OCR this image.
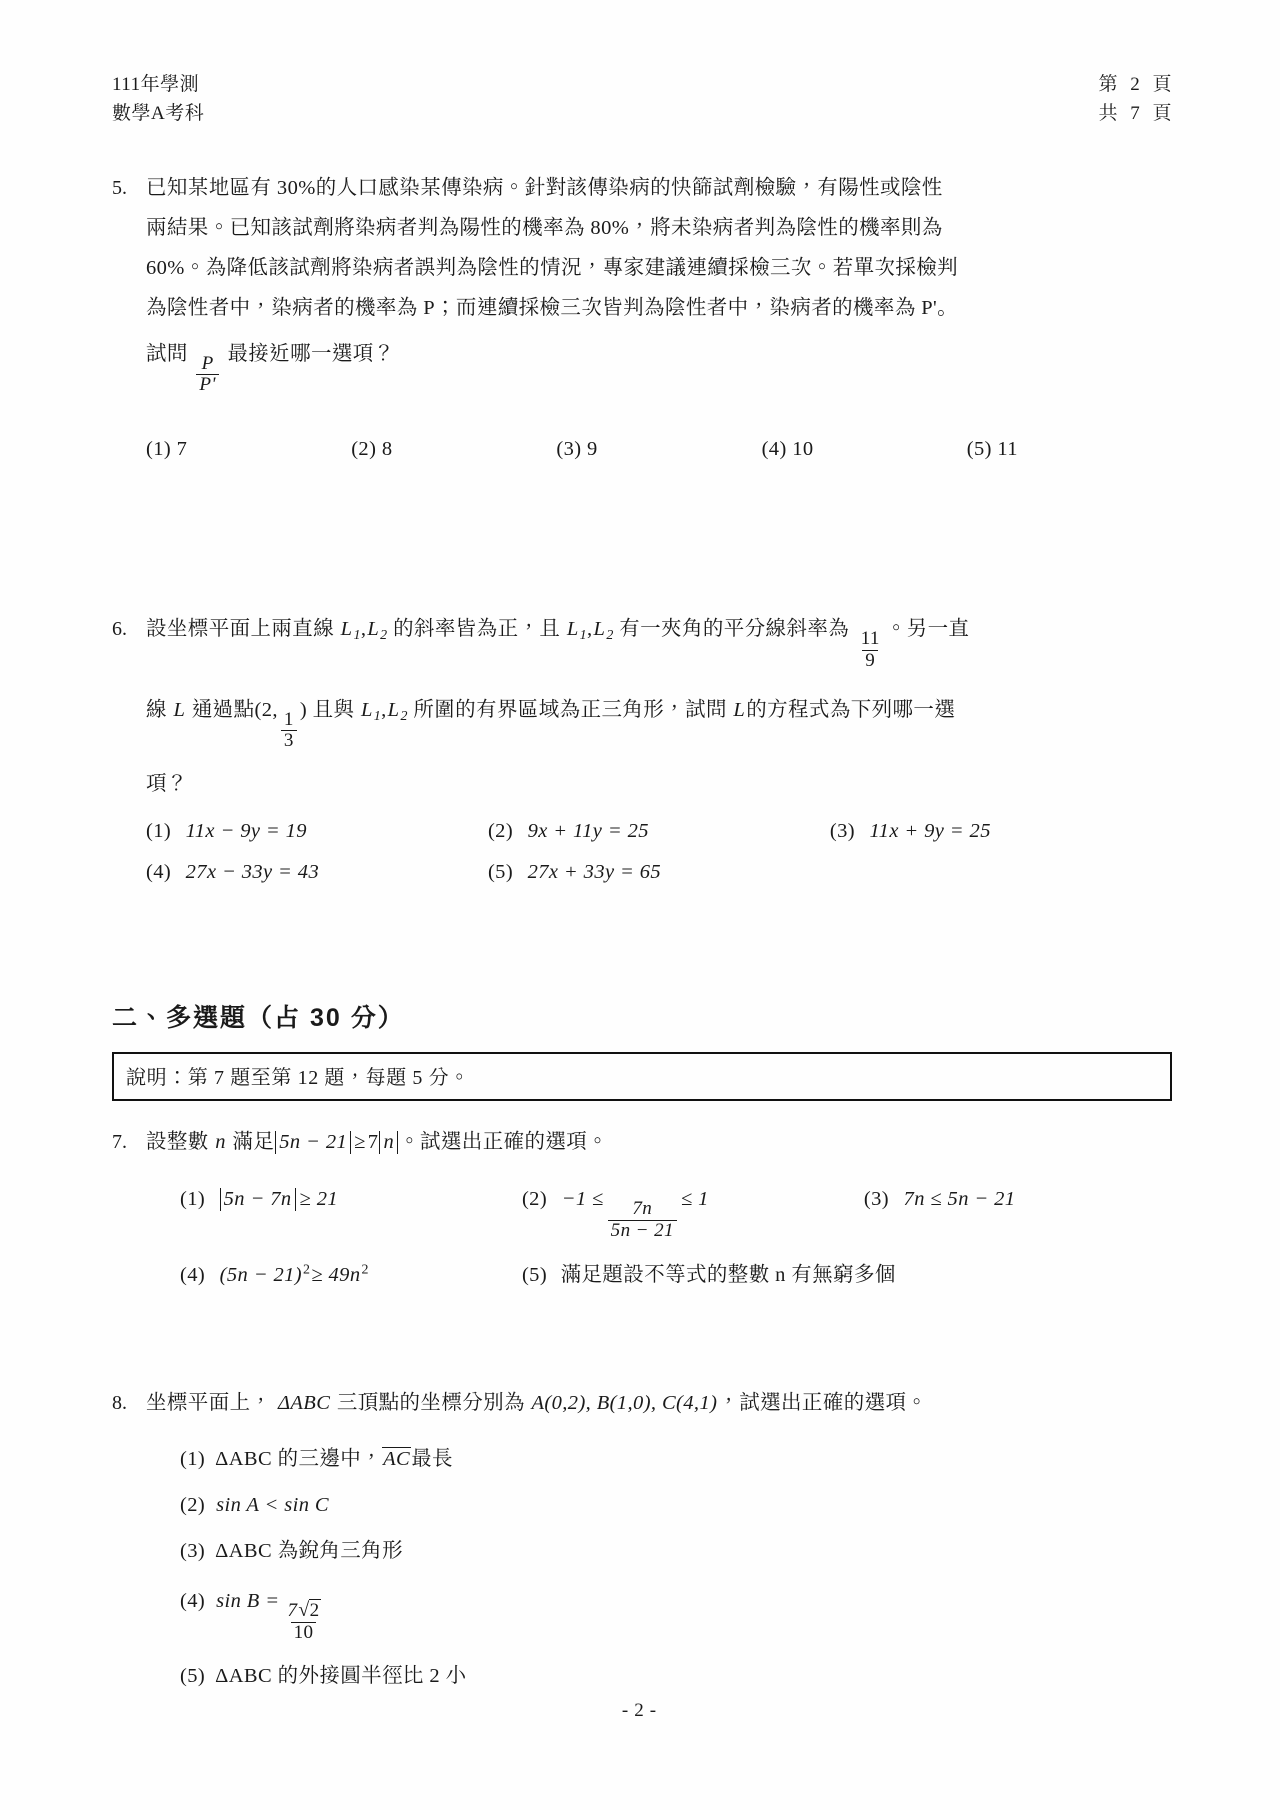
111年學測
數學A考科
第 2 頁
共 7 頁
5. 已知某地區有 30%的人口感染某傳染病。針對該傳染病的快篩試劑檢驗，有陽性或陰性
兩結果。已知該試劑將染病者判為陽性的機率為 80%，將未染病者判為陰性的機率則為
60%。為降低該試劑將染病者誤判為陰性的情況，專家建議連續採檢三次。若單次採檢判
為陰性者中，染病者的機率為 P；而連續採檢三次皆判為陰性者中，染病者的機率為 P'。
試問
$\frac{P}{P'}$
最接近哪一選項？
(1) 7	(2) 8	(3) 9	(4) 10	(5) 11
6. 設坐標平面上兩直線 $L_1,L_2$ 的斜率皆為正，且 $L_1,L_2$ 有一夾角的平分線斜率為
$\frac{11}{9}$
。另一直
線 L 通過點(2,
$\frac{1}{3}$
) 且與 $L_1,L_2$ 所圍的有界區域為正三角形，試問 L的方程式為下列哪一選
項？
(1) 11x − 9y = 19	(2) 9x + 11y = 25	(3) 11x + 9y = 25
(4) 27x − 33y = 43	(5) 27x + 33y = 65
二、多選題（占 30 分）
說明：第 7 題至第 12 題，每題 5 分。
7. 設整數 n 滿足 5n − 21 ≥7 n 。試選出正確的選項。
(1) 5n − 7n ≥ 21	(2) −1 ≤
$\frac{7n}{5n - 21}$
≤ 1	(3) 7n ≤ 5n − 21
(4) $(5n - 21)^2\ge 49n^2$	(5) 滿足題設不等式的整數 n 有無窮多個
8. 坐標平面上， ΔABC 三頂點的坐標分別為 A(0,2), B(1,0), C(4,1)，試選出正確的選項。
(1) ΔABC 的三邊中，AC最長
(2) sin A < sin C
(3) ΔABC 為銳角三角形
(4) $\sin B = \frac{7√2}{10}$
(5) ΔABC 的外接圓半徑比 2 小
- 2 -
